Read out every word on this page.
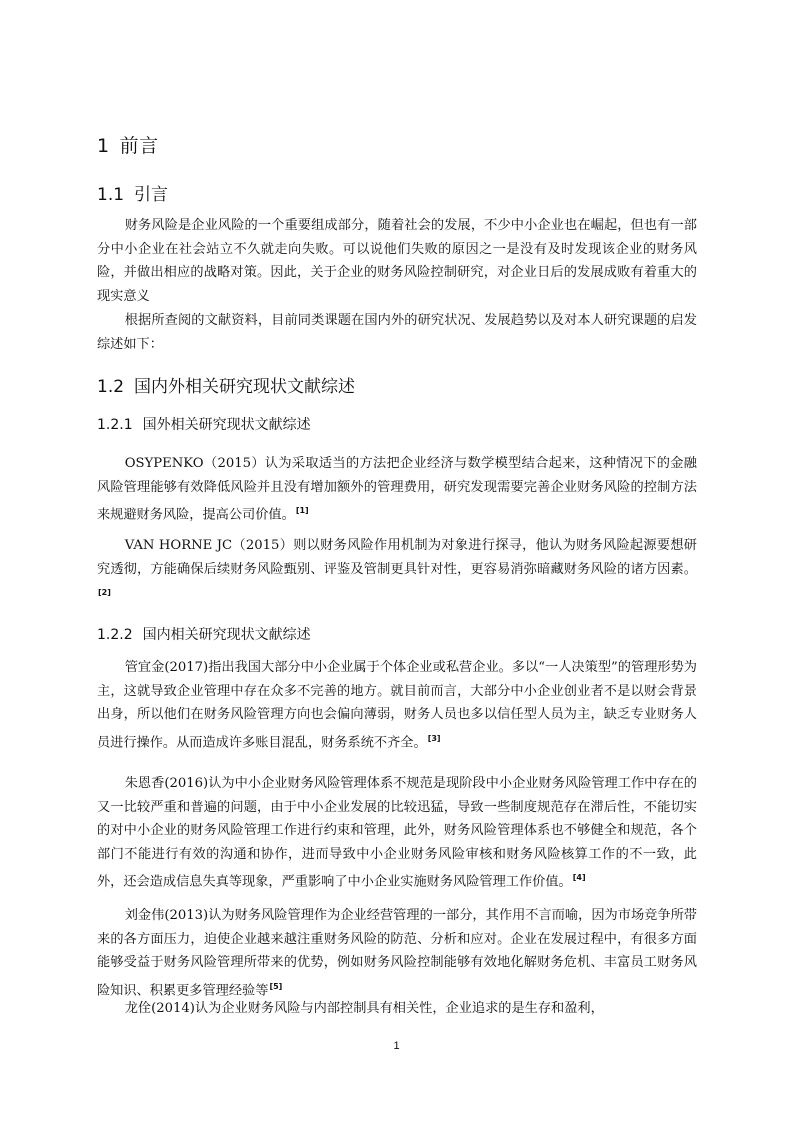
1 前言
1.1 引言

财务风险是企业风险的一个重要组成部分，随着社会的发展，不少中小企业也在崛起，但也有一部分中小企业在社会站立不久就走向失败。可以说他们失败的原因之一是没有及时发现该企业的财务风险，并做出相应的战略对策。因此，关于企业的财务风险控制研究，对企业日后的发展成败有着重大的现实意义

根据所查阅的文献资料，目前同类课题在国内外的研究状况、发展趋势以及对本人研究课题的启发综述如下：

1.2 国内外相关研究现状文献综述
1.2.1 国外相关研究现状文献综述

OSYPENKO（2015）认为采取适当的方法把企业经济与数学模型结合起来，这种情况下的金融风险管理能够有效降低风险并且没有增加额外的管理费用，研究发现需要完善企业财务风险的控制方法来规避财务风险，提高公司价值。[1]

VAN HORNE JC（2015）则以财务风险作用机制为对象进行探寻，他认为财务风险起源要想研究透彻，方能确保后续财务风险甄别、评鉴及管制更具针对性，更容易消弥暗藏财务风险的诸方因素。[2]

1.2.2 国内相关研究现状文献综述

管宜金(2017)指出我国大部分中小企业属于个体企业或私营企业。多以“一人决策型”的管理形势为主，这就导致企业管理中存在众多不完善的地方。就目前而言，大部分中小企业创业者不是以财会背景出身，所以他们在财务风险管理方向也会偏向薄弱，财务人员也多以信任型人员为主，缺乏专业财务人员进行操作。从而造成许多账目混乱，财务系统不齐全。[3]

朱恩香(2016)认为中小企业财务风险管理体系不规范是现阶段中小企业财务风险管理工作中存在的又一比较严重和普遍的问题，由于中小企业发展的比较迅猛，导致一些制度规范存在滞后性，不能切实的对中小企业的财务风险管理工作进行约束和管理，此外，财务风险管理体系也不够健全和规范，各个部门不能进行有效的沟通和协作，进而导致中小企业财务风险审核和财务风险核算工作的不一致，此外，还会造成信息失真等现象，严重影响了中小企业实施财务风险管理工作价值。[4]

刘金伟(2013)认为财务风险管理作为企业经营管理的一部分，其作用不言而喻，因为市场竞争所带来的各方面压力，迫使企业越来越注重财务风险的防范、分析和应对。企业在发展过程中，有很多方面能够受益于财务风险管理所带来的优势，例如财务风险控制能够有效地化解财务危机、丰富员工财务风险知识、积累更多管理经验等[5]

龙佺(2014)认为企业财务风险与内部控制具有相关性，企业追求的是生存和盈利，

1
